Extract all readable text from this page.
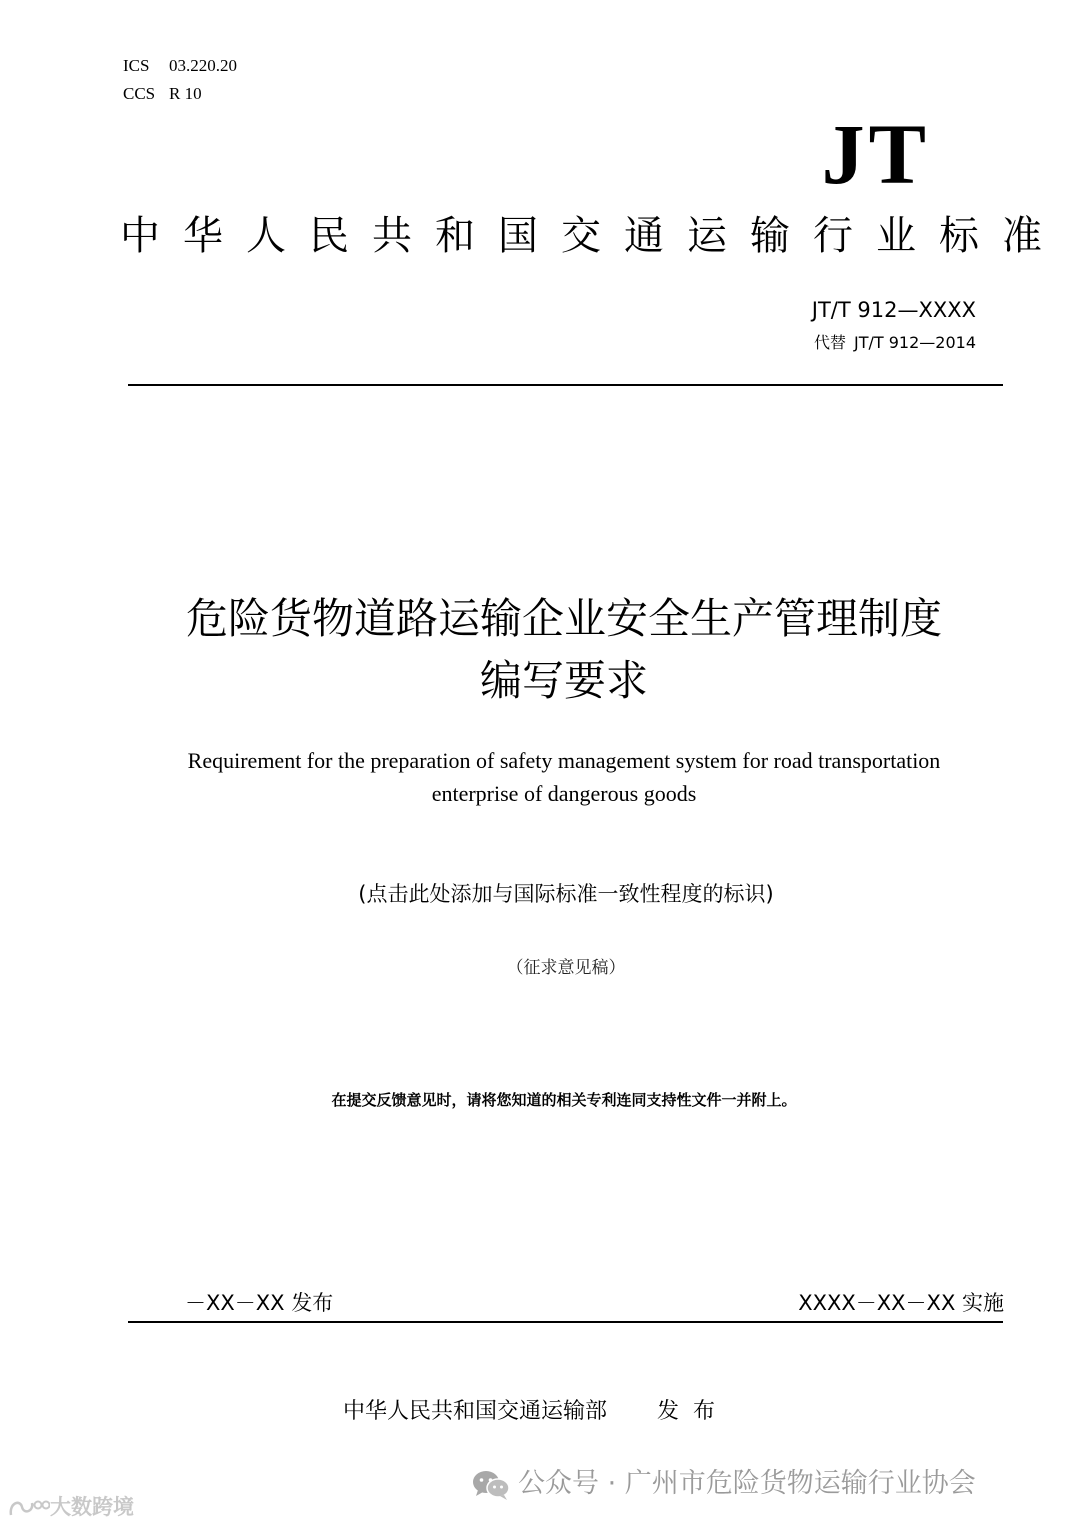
ICS 03.220.20
CCS R 10
JT
中华人民共和国交通运输行业标准
JT/T 912—XXXX
代替 JT/T 912—2014
危险货物道路运输企业安全生产管理制度
编写要求
Requirement for the preparation of safety management system for road transportation
enterprise of dangerous goods
(点击此处添加与国际标准一致性程度的标识)
（征求意见稿）
在提交反馈意见时，请将您知道的相关专利连同支持性文件一并附上。
－XX－XX 发布	XXXX－XX－XX 实施
中华人民共和国交通运输部 发布
公众号 · 广州市危险货物运输行业协会
大数跨境
